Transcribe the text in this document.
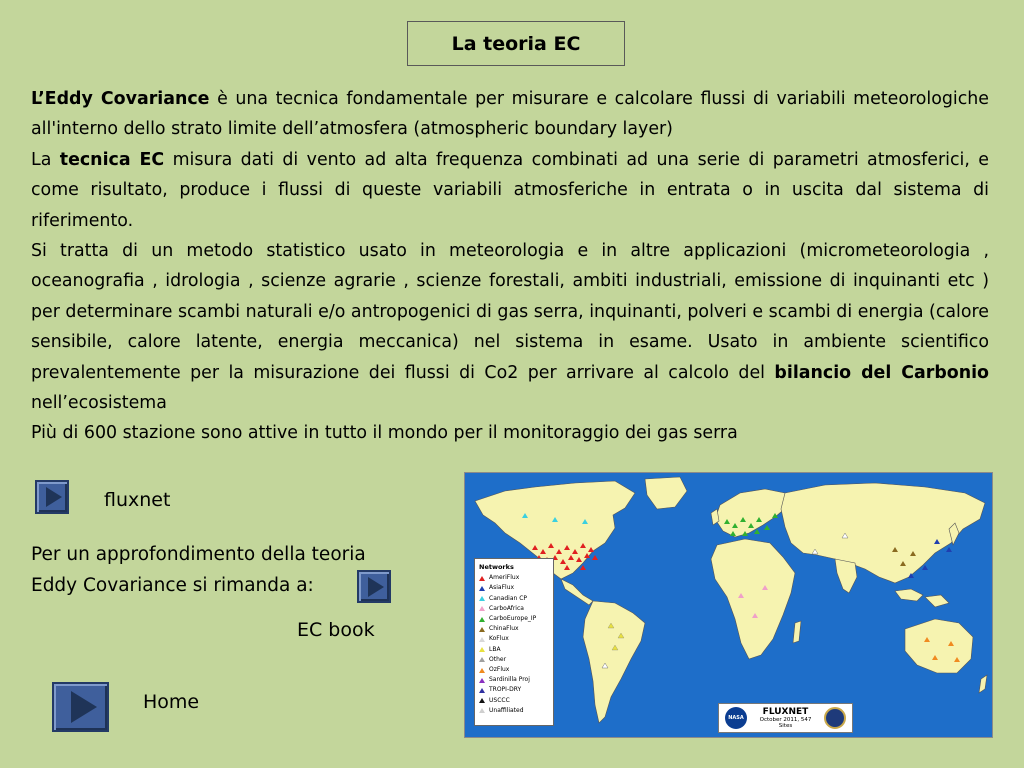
La teoria EC

L’Eddy Covariance è una tecnica fondamentale per misurare e calcolare flussi di variabili meteorologiche all'interno dello strato limite dell’atmosfera (atmospheric boundary layer)

La tecnica EC misura dati di vento ad alta frequenza combinati ad una serie di parametri atmosferici, e come risultato, produce i flussi di queste variabili atmosferiche in entrata o in uscita dal sistema di riferimento.

Si tratta di un metodo statistico usato in meteorologia e in altre applicazioni (micrometeorologia , oceanografia , idrologia , scienze agrarie , scienze forestali, ambiti industriali, emissione di inquinanti etc ) per determinare scambi naturali e/o antropogenici di gas serra, inquinanti, polveri e scambi di energia (calore sensibile, calore latente, energia meccanica) nel sistema in esame. Usato in ambiente scientifico prevalentemente per la misurazione dei flussi di Co2 per arrivare al calcolo del bilancio del Carbonio nell’ecosistema

Più di 600 stazione sono attive in tutto il mondo per il monitoraggio dei gas serra

fluxnet
Per un approfondimento della teoria
Eddy Covariance si rimanda a:
EC book
Home
Networks
AmeriFlux
AsiaFlux
Canadian CP
CarboAfrica
CarboEurope_IP
ChinaFlux
KoFlux
LBA
Other
OzFlux
Sardinilla Proj
TROPI-DRY
USCCC
Unaffiliated
NASA
FLUXNET
October 2011, 547 Sites
